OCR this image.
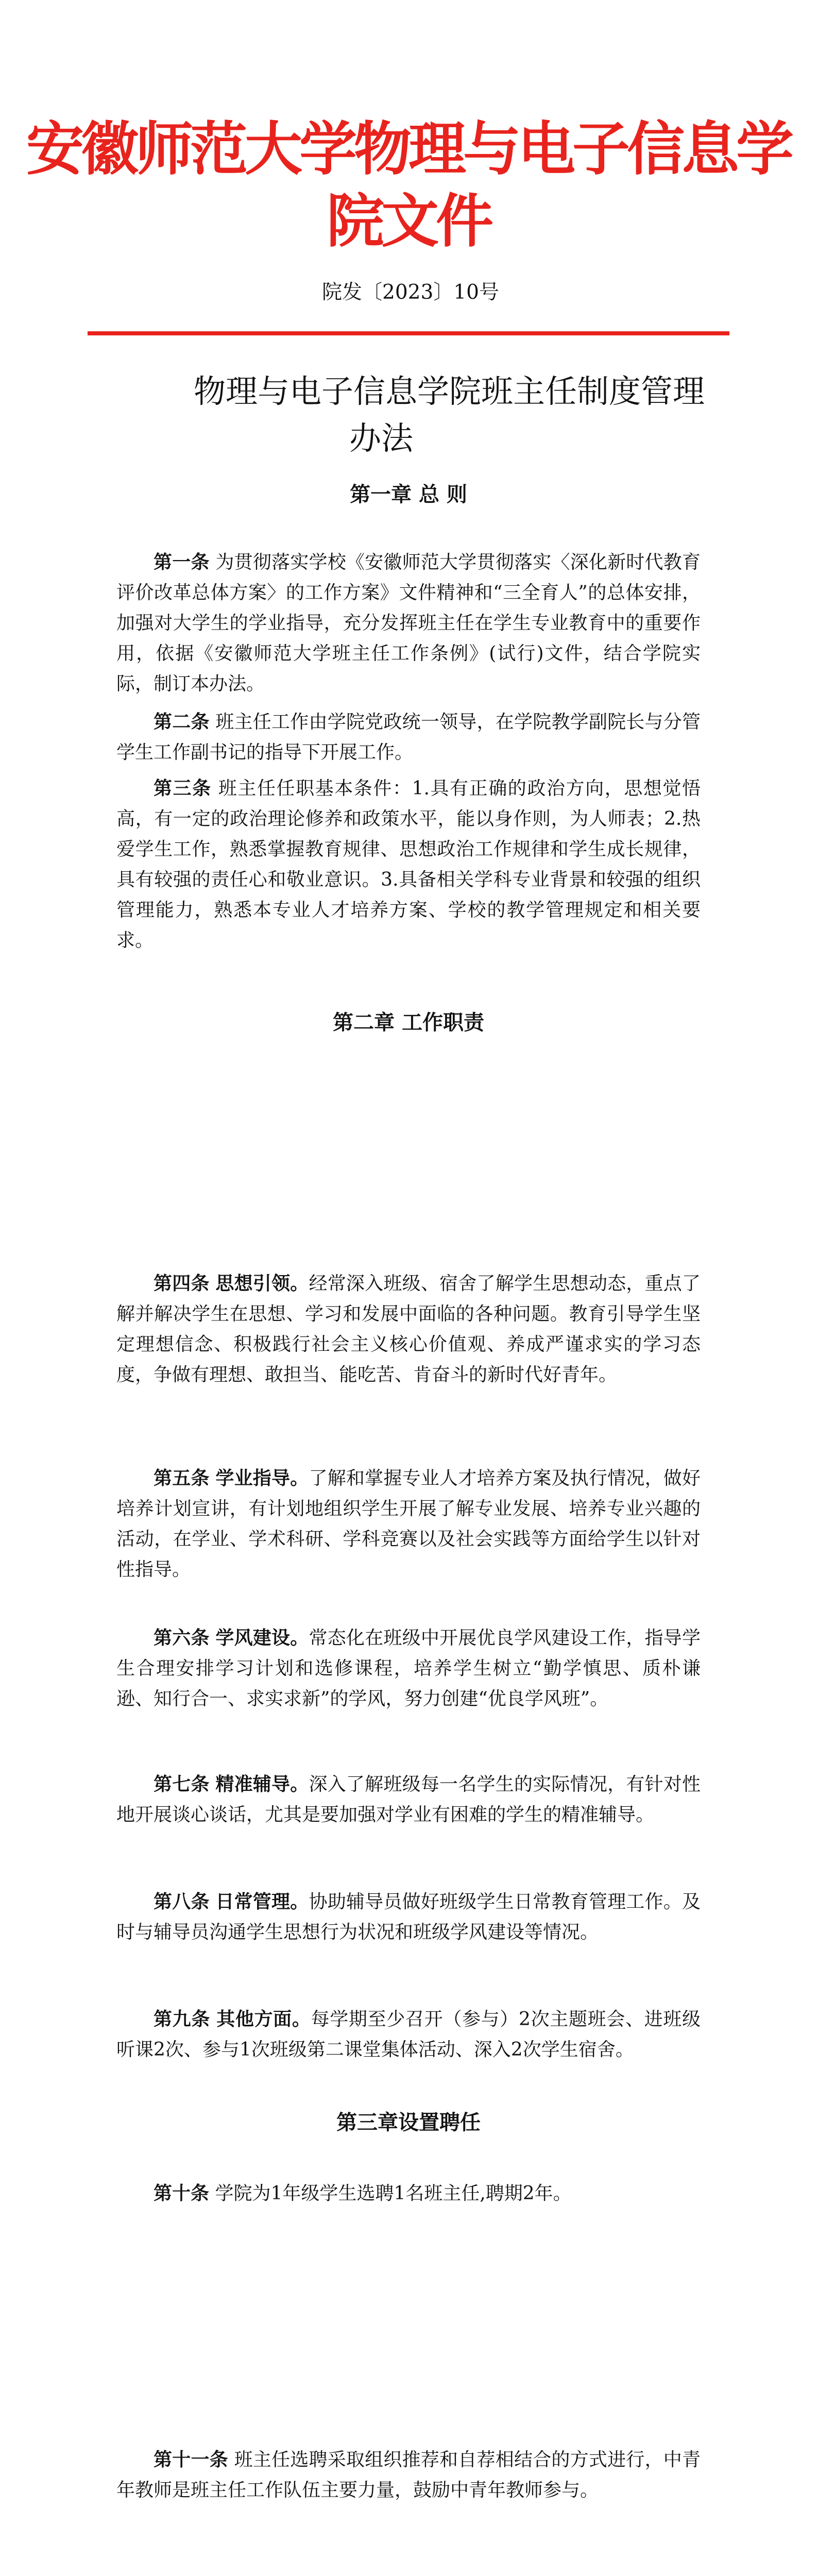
安徽师范大学物理与电子信息学院文件
院发〔2023〕10号
物理与电子信息学院班主任制度管理
办法
第一章 总 则
第一条 为贯彻落实学校《安徽师范大学贯彻落实〈深化新时代教育评价改革总体方案〉的工作方案》文件精神和“三全育人”的总体安排，加强对大学生的学业指导，充分发挥班主任在学生专业教育中的重要作用，依据《安徽师范大学班主任工作条例》(试行)文件，结合学院实际，制订本办法。
第二条 班主任工作由学院党政统一领导，在学院教学副院长与分管学生工作副书记的指导下开展工作。
第三条 班主任任职基本条件：1.具有正确的政治方向，思想觉悟高，有一定的政治理论修养和政策水平，能以身作则，为人师表；2.热爱学生工作，熟悉掌握教育规律、思想政治工作规律和学生成长规律，具有较强的责任心和敬业意识。3.具备相关学科专业背景和较强的组织管理能力，熟悉本专业人才培养方案、学校的教学管理规定和相关要求。
第二章 工作职责
第四条 思想引领。经常深入班级、宿舍了解学生思想动态，重点了解并解决学生在思想、学习和发展中面临的各种问题。教育引导学生坚定理想信念、积极践行社会主义核心价值观、养成严谨求实的学习态度，争做有理想、敢担当、能吃苦、肯奋斗的新时代好青年。
第五条 学业指导。了解和掌握专业人才培养方案及执行情况，做好培养计划宣讲，有计划地组织学生开展了解专业发展、培养专业兴趣的活动，在学业、学术科研、学科竞赛以及社会实践等方面给学生以针对性指导。
第六条 学风建设。常态化在班级中开展优良学风建设工作，指导学生合理安排学习计划和选修课程，培养学生树立“勤学慎思、质朴谦逊、知行合一、求实求新”的学风，努力创建“优良学风班”。
第七条 精准辅导。深入了解班级每一名学生的实际情况，有针对性地开展谈心谈话，尤其是要加强对学业有困难的学生的精准辅导。
第八条 日常管理。协助辅导员做好班级学生日常教育管理工作。及时与辅导员沟通学生思想行为状况和班级学风建设等情况。
第九条 其他方面。每学期至少召开（参与）2次主题班会、进班级听课2次、参与1次班级第二课堂集体活动、深入2次学生宿舍。
第三章设置聘任
第十条 学院为1年级学生选聘1名班主任,聘期2年。
第十一条 班主任选聘采取组织推荐和自荐相结合的方式进行，中青年教师是班主任工作队伍主要力量，鼓励中青年教师参与。
